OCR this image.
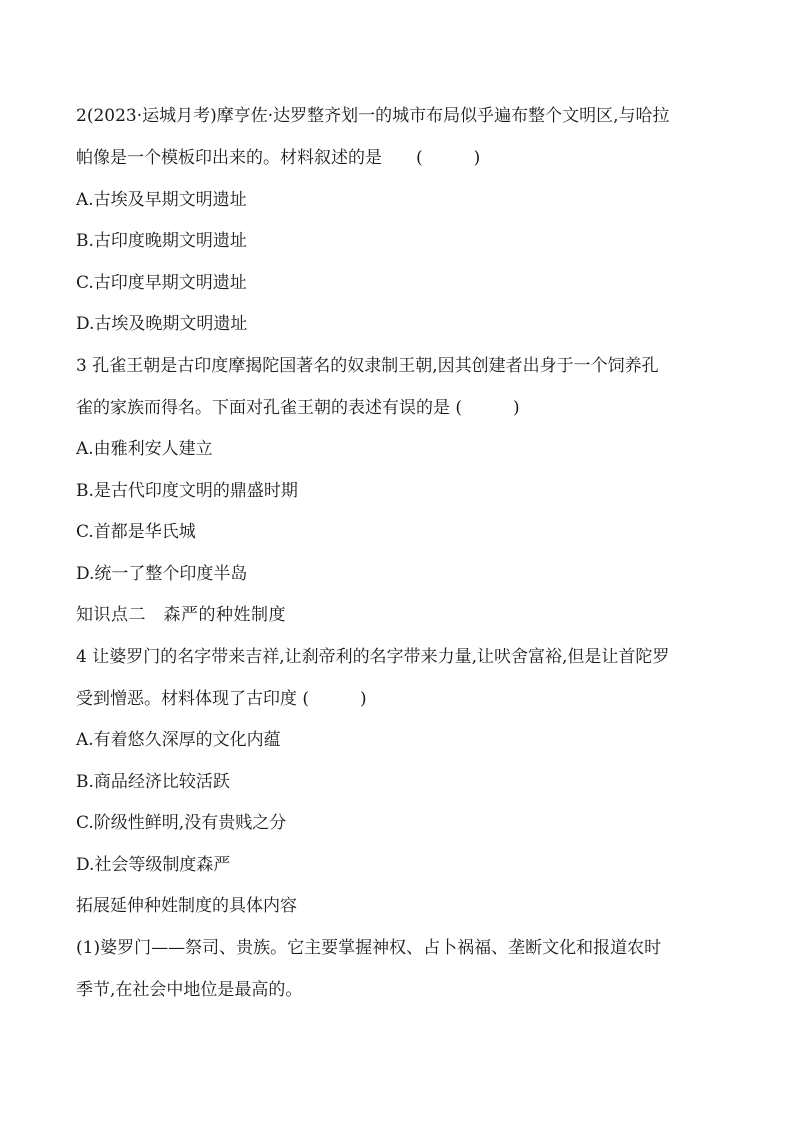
2(2023·运城月考)摩亨佐·达罗整齐划一的城市布局似乎遍布整个文明区,与哈拉
帕像是一个模板印出来的。材料叙述的是　　(　　　)
A.古埃及早期文明遗址
B.古印度晚期文明遗址
C.古印度早期文明遗址
D.古埃及晚期文明遗址
3 孔雀王朝是古印度摩揭陀国著名的奴隶制王朝,因其创建者出身于一个饲养孔
雀的家族而得名。下面对孔雀王朝的表述有误的是 (　　　)
A.由雅利安人建立
B.是古代印度文明的鼎盛时期
C.首都是华氏城
D.统一了整个印度半岛
知识点二　森严的种姓制度
4 让婆罗门的名字带来吉祥,让刹帝利的名字带来力量,让吠舍富裕,但是让首陀罗
受到憎恶。材料体现了古印度 (　　　)
A.有着悠久深厚的文化内蕴
B.商品经济比较活跃
C.阶级性鲜明,没有贵贱之分
D.社会等级制度森严
拓展延伸种姓制度的具体内容
(1)婆罗门——祭司、贵族。它主要掌握神权、占卜祸福、垄断文化和报道农时
季节,在社会中地位是最高的。
